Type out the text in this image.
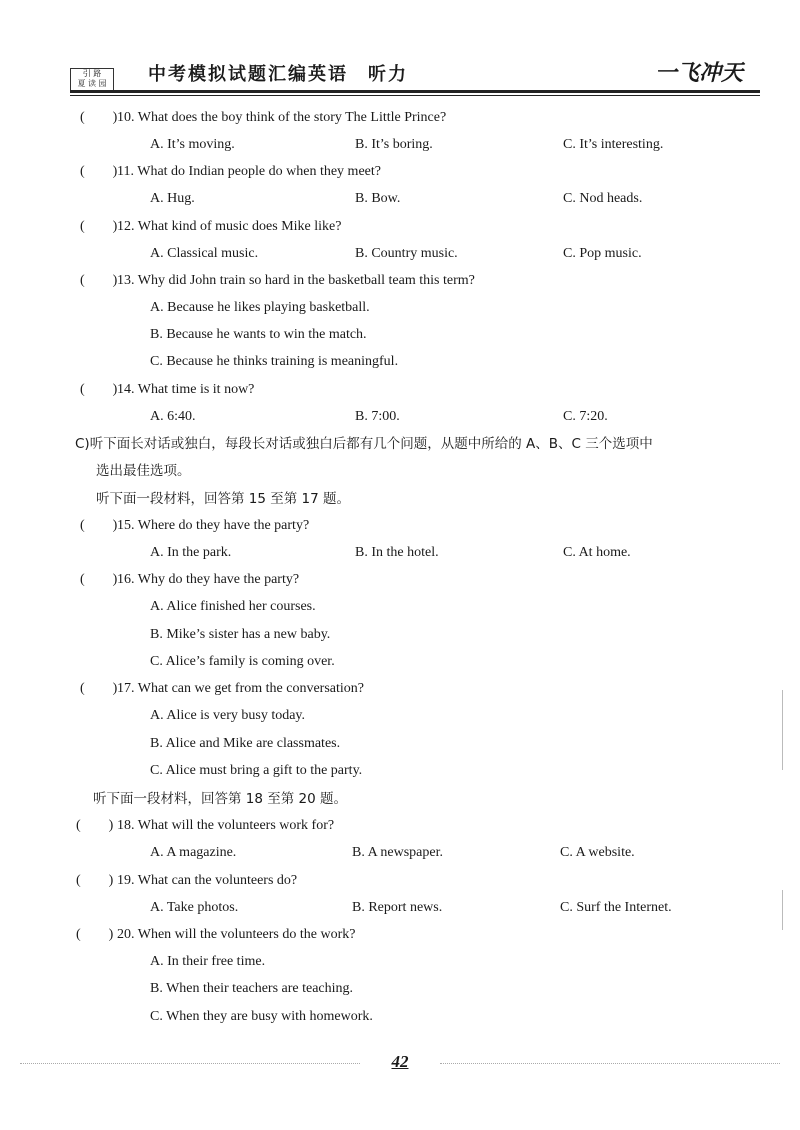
引 路
夏 读 园	中考模拟试题汇编英语　听力	一飞冲天
(　　) 10. What does the boy think of the story The Little Prince?
A. It’s moving.	B. It’s boring.	C. It’s interesting.
(　　) 11. What do Indian people do when they meet?
A. Hug.	B. Bow.	C. Nod heads.
(　　) 12. What kind of music does Mike like?
A. Classical music.	B. Country music.	C. Pop music.
(　　) 13. Why did John train so hard in the basketball team this term?
A. Because he likes playing basketball.
B. Because he wants to win the match.
C. Because he thinks training is meaningful.
(　　) 14. What time is it now?
A. 6:40.	B. 7:00.	C. 7:20.
C)听下面长对话或独白，每段长对话或独白后都有几个问题，从题中所给的 A、B、C 三个选项中
选出最佳选项。
听下面一段材料，回答第 15 至第 17 题。
(　　) 15. Where do they have the party?
A. In the park.	B. In the hotel.	C. At home.
(　　) 16. Why do they have the party?
A. Alice finished her courses.
B. Mike’s sister has a new baby.
C. Alice’s family is coming over.
(　　) 17. What can we get from the conversation?
A. Alice is very busy today.
B. Alice and Mike are classmates.
C. Alice must bring a gift to the party.
听下面一段材料，回答第 18 至第 20 题。
(　　) 18. What will the volunteers work for?
A. A magazine.	B. A newspaper.	C. A website.
(　　) 19. What can the volunteers do?
A. Take photos.	B. Report news.	C. Surf the Internet.
(　　) 20. When will the volunteers do the work?
A. In their free time.
B. When their teachers are teaching.
C. When they are busy with homework.
42
